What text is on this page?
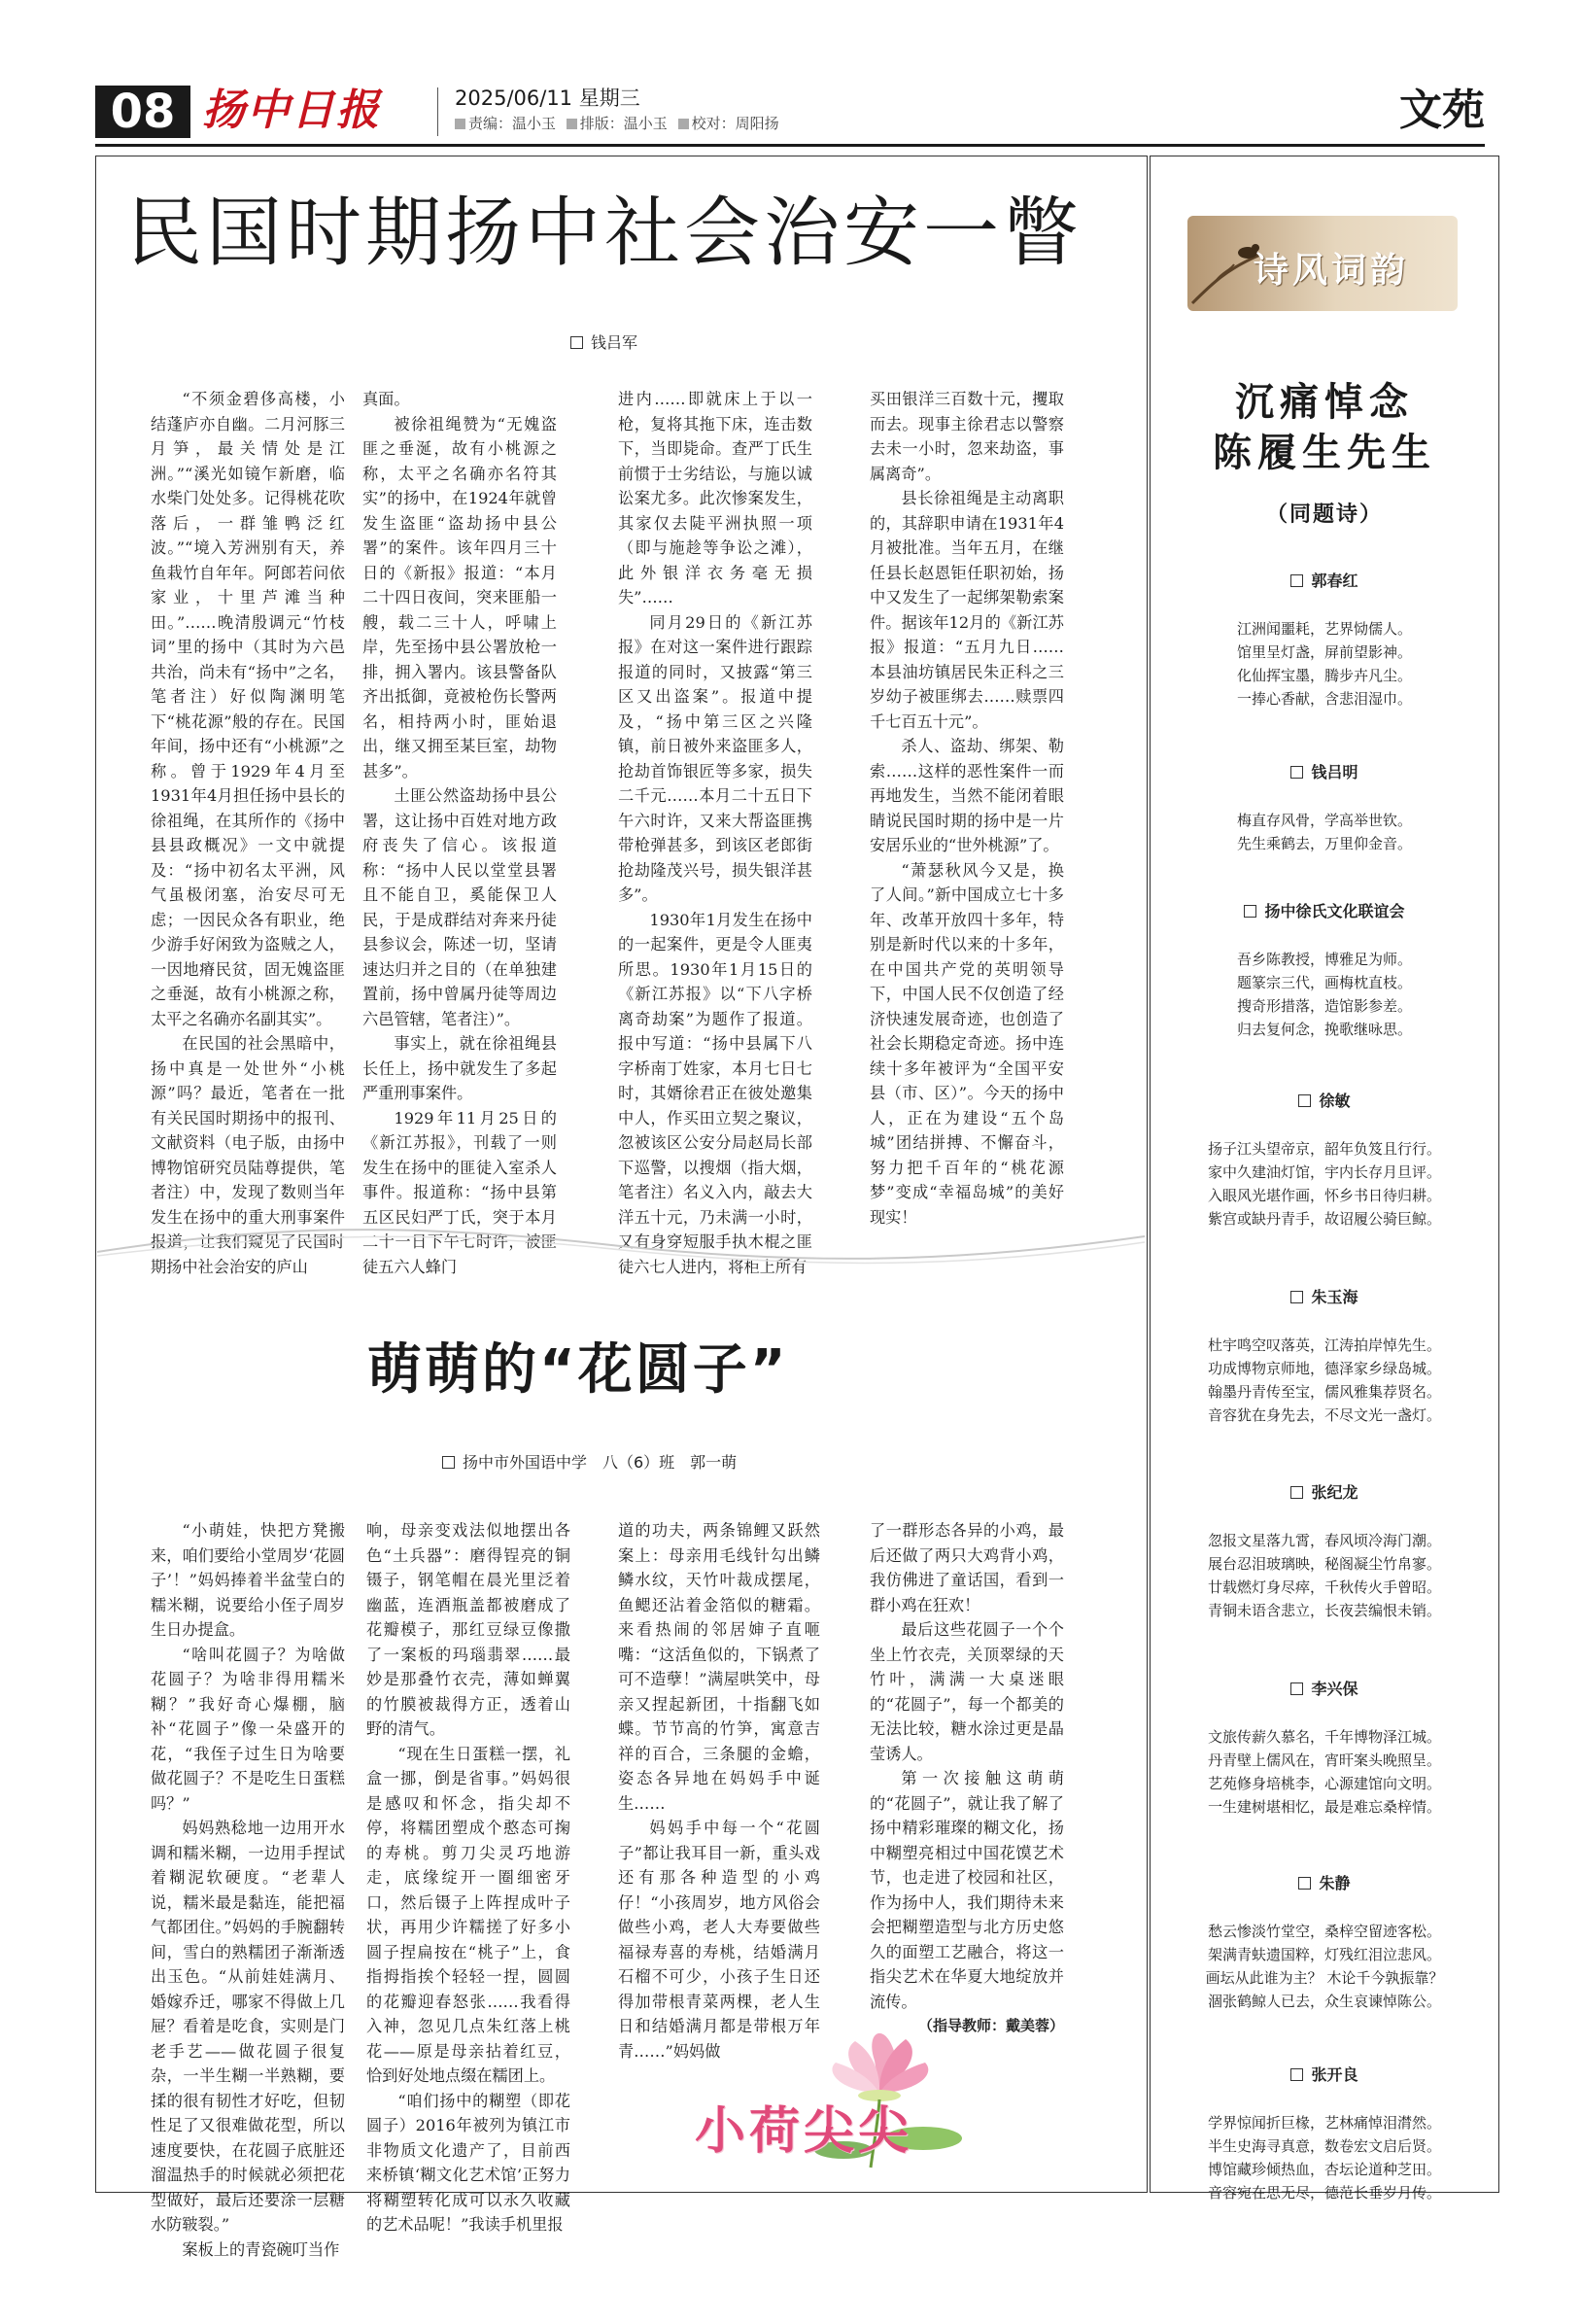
08 扬中日报	2025/06/11 星期三
责编：温小玉 排版：温小玉 校对：周阳扬	文苑
民国时期扬中社会治安一瞥
钱吕军

“不须金碧侈高楼，小结蓬庐亦自幽。二月河豚三月笋，最关情处是江洲。”“溪光如镜乍新磨，临水柴门处处多。记得桃花吹落后，一群雏鸭泛红波。”“境入芳洲别有天，养鱼栽竹自年年。阿郎若问依家业，十里芦滩当种田。”……晚清殷调元“竹枝词”里的扬中（其时为六邑共治，尚未有“扬中”之名，笔者注）好似陶渊明笔下“桃花源”般的存在。民国年间，扬中还有“小桃源”之称。曾于1929年4月至1931年4月担任扬中县长的徐祖绳，在其所作的《扬中县县政概况》一文中就提及：“扬中初名太平洲，风气虽极闭塞，治安尽可无虑；一因民众各有职业，绝少游手好闲致为盗贼之人，一因地瘠民贫，固无媿盗匪之垂涎，故有小桃源之称，太平之名确亦名副其实”。

在民国的社会黑暗中，扬中真是一处世外“小桃源”吗？最近，笔者在一批有关民国时期扬中的报刊、文献资料（电子版，由扬中博物馆研究员陆尊提供，笔者注）中，发现了数则当年发生在扬中的重大刑事案件报道，让我们窥见了民国时期扬中社会治安的庐山

真面。

被徐祖绳赞为“无媿盗匪之垂涎，故有小桃源之称，太平之名确亦名符其实”的扬中，在1924年就曾发生盗匪“盗劫扬中县公署”的案件。该年四月三十日的《新报》报道：“本月二十四日夜间，突来匪船一艘，载二三十人，呼啸上岸，先至扬中县公署放枪一排，拥入署内。该县警备队齐出抵御，竟被枪伤长警两名，相持两小时，匪始退出，继又拥至某巨室，劫物甚多”。

土匪公然盗劫扬中县公署，这让扬中百姓对地方政府丧失了信心。该报道称：“扬中人民以堂堂县署且不能自卫，奚能保卫人民，于是成群结对奔来丹徒县参议会，陈述一切，坚请速达归并之目的（在单独建置前，扬中曾属丹徒等周边六邑管辖，笔者注）”。

事实上，就在徐祖绳县长任上，扬中就发生了多起严重刑事案件。

1929年11月25日的《新江苏报》，刊载了一则发生在扬中的匪徒入室杀人事件。报道称：“扬中县第五区民妇严丁氏，突于本月二十一日下午七时许，被匪徒五六人蜂门

进内……即就床上于以一枪，复将其拖下床，连击数下，当即毙命。查严丁氏生前惯于士劣结讼，与施以诚讼案尤多。此次惨案发生，其家仅去陡平洲执照一项（即与施趁等争讼之滩），此外银洋衣务毫无损失”……

同月29日的《新江苏报》在对这一案件进行跟踪报道的同时，又披露“第三区又出盗案”。报道中提及，“扬中第三区之兴隆镇，前日被外来盗匪多人，抢劫首饰银匠等多家，损失二千元……本月二十五日下午六时许，又来大帮盗匪携带枪弹甚多，到该区老郎街抢劫隆茂兴号，损失银洋甚多”。

1930年1月发生在扬中的一起案件，更是令人匪夷所思。1930年1月15日的《新江苏报》以“下八字桥离奇劫案”为题作了报道。报中写道：“扬中县属下八字桥南丁姓家，本月七日七时，其婿徐君正在彼处邀集中人，作买田立契之聚议，忽被该区公安分局赵局长部下巡警，以搜烟（指大烟，笔者注）名义入内，敲去大洋五十元，乃未满一小时，又有身穿短服手执木棍之匪徒六七人进内，将柜上所有

买田银洋三百数十元，攫取而去。现事主徐君志以警察去未一小时，忽来劫盗，事属离奇”。

县长徐祖绳是主动离职的，其辞职申请在1931年4月被批准。当年五月，在继任县长赵恩钜任职初始，扬中又发生了一起绑架勒索案件。据该年12月的《新江苏报》报道：“五月九日……本县油坊镇居民朱正科之三岁幼子被匪绑去……赎票四千七百五十元”。

杀人、盗劫、绑架、勒索……这样的恶性案件一而再地发生，当然不能闭着眼睛说民国时期的扬中是一片安居乐业的“世外桃源”了。

“萧瑟秋风今又是，换了人间。”新中国成立七十多年、改革开放四十多年，特别是新时代以来的十多年，在中国共产党的英明领导下，中国人民不仅创造了经济快速发展奇迹，也创造了社会长期稳定奇迹。扬中连续十多年被评为“全国平安县（市、区）”。今天的扬中人，正在为建设“五个岛城”团结拼搏、不懈奋斗，努力把千百年的“桃花源梦”变成“幸福岛城”的美好现实！

萌萌的“花圆子”
扬中市外国语中学　八（6）班　郭一萌

“小萌娃，快把方凳搬来，咱们要给小堂周岁‘花圆子’！”妈妈捧着半盆莹白的糯米糊，说要给小侄子周岁生日办提盒。

“啥叫花圆子？为啥做花圆子？为啥非得用糯米糊？”我好奇心爆棚，脑补“花圆子”像一朵盛开的花，“我侄子过生日为啥要做花圆子？不是吃生日蛋糕吗？”

妈妈熟稔地一边用开水调和糯米糊，一边用手捏试着糊泥软硬度。“老辈人说，糯米最是黏连，能把福气都团住。”妈妈的手腕翻转间，雪白的熟糯团子渐渐透出玉色。“从前娃娃满月、婚嫁乔迁，哪家不得做上几屉？看着是吃食，实则是门老手艺——做花圆子很复杂，一半生糊一半熟糊，要揉的很有韧性才好吃，但韧性足了又很难做花型，所以速度要快，在花圆子底脏还溜温热手的时候就必须把花型做好，最后还要涂一层糖水防皲裂。”

案板上的青瓷碗叮当作

响，母亲变戏法似地摆出各色“土兵器”：磨得锃亮的铜镊子，钢笔帽在晨光里泛着幽蓝，连酒瓶盖都被磨成了花瓣模子，那红豆绿豆像撒了一案板的玛瑙翡翠……最妙是那叠竹衣壳，薄如蝉翼的竹膜被裁得方正，透着山野的清气。

“现在生日蛋糕一摆，礼盒一挪，倒是省事。”妈妈很是感叹和怀念，指尖却不停，将糯团塑成个憨态可掬的寿桃。剪刀尖灵巧地游走，底缘绽开一圈细密牙口，然后镊子上阵捏成叶子状，再用少许糯搓了好多小圆子捏扁按在“桃子”上，食指拇指挨个轻轻一捏，圆圆的花瓣迎春怒张……我看得入神，忽见几点朱红落上桃花——原是母亲拈着红豆，恰到好处地点缀在糯团上。

“咱们扬中的糊塑（即花圆子）2016年被列为镇江市非物质文化遗产了，目前西来桥镇‘糊文化艺术馆’正努力将糊塑转化成可以永久收藏的艺术品呢！”我读手机里报

道的功夫，两条锦鲤又跃然案上：母亲用毛线针勾出鳞鳞水纹，天竹叶裁成摆尾，鱼鳃还沾着金箔似的糖霜。来看热闹的邻居婶子直咂嘴：“这活鱼似的，下锅煮了可不造孽！”满屋哄笑中，母亲又捏起新团，十指翻飞如蝶。节节高的竹笋，寓意吉祥的百合，三条腿的金蟾，姿态各异地在妈妈手中诞生……

妈妈手中每一个“花圆子”都让我耳目一新，重头戏还有那各种造型的小鸡仔！“小孩周岁，地方风俗会做些小鸡，老人大寿要做些福禄寿喜的寿桃，结婚满月石榴不可少，小孩子生日还得加带根青菜两棵，老人生日和结婚满月都是带根万年青……”妈妈做

了一群形态各异的小鸡，最后还做了两只大鸡背小鸡，我仿佛进了童话国，看到一群小鸡在狂欢！

最后这些花圆子一个个坐上竹衣壳，关顶翠绿的天竹叶，满满一大桌迷眼的“花圆子”，每一个都美的无法比较，糖水涂过更是晶莹诱人。

第一次接触这萌萌的“花圆子”，就让我了解了扬中精彩璀璨的糊文化，扬中糊塑亮相过中国花馍艺术节，也走进了校园和社区，作为扬中人，我们期待未来会把糊塑造型与北方历史悠久的面塑工艺融合，将这一指尖艺术在华夏大地绽放并流传。

（指导教师：戴美蓉）

小荷尖尖
诗风词韵
沉痛悼念
陈履生先生
（同题诗）
郭春红
江洲闻噩耗，艺界恸儒人。
馆里呈灯盏，屏前望影神。
化仙挥宝墨，腾步卉凡尘。
一捧心香献，含悲泪湿巾。
钱吕明
梅直存风骨，学高举世钦。
先生乘鹤去，万里仰金音。
扬中徐氏文化联谊会
吾乡陈教授，博雅足为师。
题篆宗三代，画梅枕直枝。
搜奇形措落，造馆影参差。
归去复何念，挽歌继咏思。
徐敏
扬子江头望帝京，韶年负笈且行行。
家中久建油灯馆，宇内长存月旦评。
入眼风光堪作画，怀乡书日待归耕。
紫宫或缺丹青手，故诏履公骑巨鲸。
朱玉海
杜宇鸣空叹落英，江涛拍岸悼先生。
功成博物京师地，德泽家乡绿岛城。
翰墨丹青传至宝，儒风雅集荐贤名。
音容犹在身先去，不尽文光一盏灯。
张纪龙
忽报文星落九霄，春风顷冷海门潮。
展台忍泪玻璃映，秘阁凝尘竹帛寥。
廿载燃灯身尽瘁，千秋传火手曾昭。
青铜未语含悲立，长夜芸编恨未销。
李兴保
文旅传薪久慕名，千年博物泽江城。
丹青壁上儒风在，宵旰案头晚照呈。
艺苑修身培桃李，心源建馆向文明。
一生建树堪相忆，最是难忘桑梓情。
朱静
愁云惨淡竹堂空，桑梓空留迹客松。
架满青蚨遗国粹，灯残红泪泣悲风。
画坛从此谁为主？ 木论千今孰振靠？
涸张鹤鲸人已去，众生哀谏悼陈公。
张开良
学界惊闻折巨椽，艺林痛悼泪潸然。
半生史海寻真意，数卷宏文启后贤。
博馆藏珍倾热血，杏坛论道种芝田。
音容宛在思无尽，德范长垂岁月传。
